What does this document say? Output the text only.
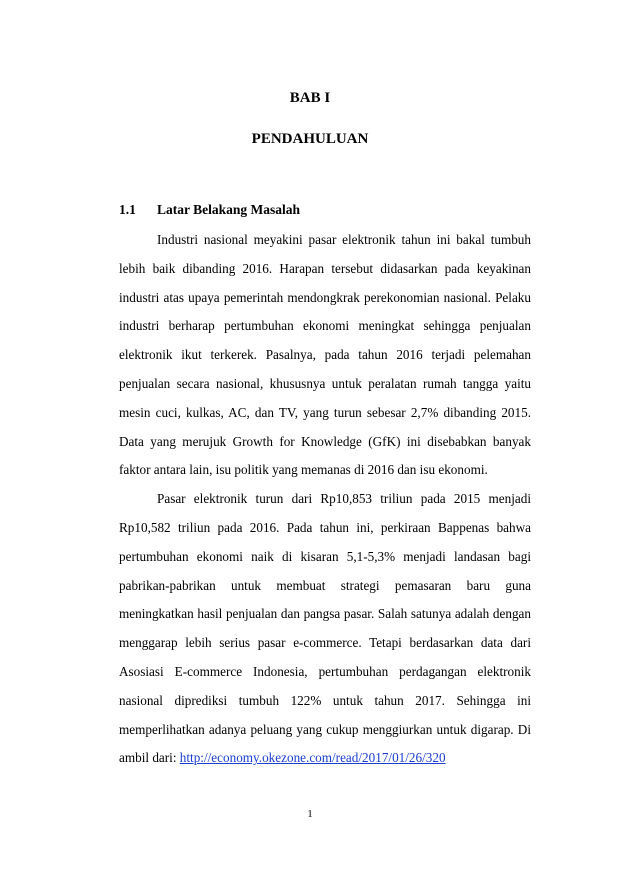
BAB I
PENDAHULUAN
1.1 Latar Belakang Masalah

Industri nasional meyakini pasar elektronik tahun ini bakal tumbuh lebih baik dibanding 2016. Harapan tersebut didasarkan pada keyakinan industri atas upaya pemerintah mendongkrak perekonomian nasional. Pelaku industri berharap pertumbuhan ekonomi meningkat sehingga penjualan elektronik ikut terkerek. Pasalnya, pada tahun 2016 terjadi pelemahan penjualan secara nasional, khususnya untuk peralatan rumah tangga yaitu mesin cuci, kulkas, AC, dan TV, yang turun sebesar 2,7% dibanding 2015. Data yang merujuk Growth for Knowledge (GfK) ini disebabkan banyak faktor antara lain, isu politik yang memanas di 2016 dan isu ekonomi.

Pasar elektronik turun dari Rp10,853 triliun pada 2015 menjadi Rp10,582 triliun pada 2016. Pada tahun ini, perkiraan Bappenas bahwa pertumbuhan ekonomi naik di kisaran 5,1-5,3% menjadi landasan bagi pabrikan-pabrikan untuk membuat strategi pemasaran baru guna meningkatkan hasil penjualan dan pangsa pasar. Salah satunya adalah dengan menggarap lebih serius pasar e-commerce. Tetapi berdasarkan data dari Asosiasi E-commerce Indonesia, pertumbuhan perdagangan elektronik nasional diprediksi tumbuh 122% untuk tahun 2017. Sehingga ini memperlihatkan adanya peluang yang cukup menggiurkan untuk digarap. Di ambil dari: http://economy.okezone.com/read/2017/01/26/320

1
